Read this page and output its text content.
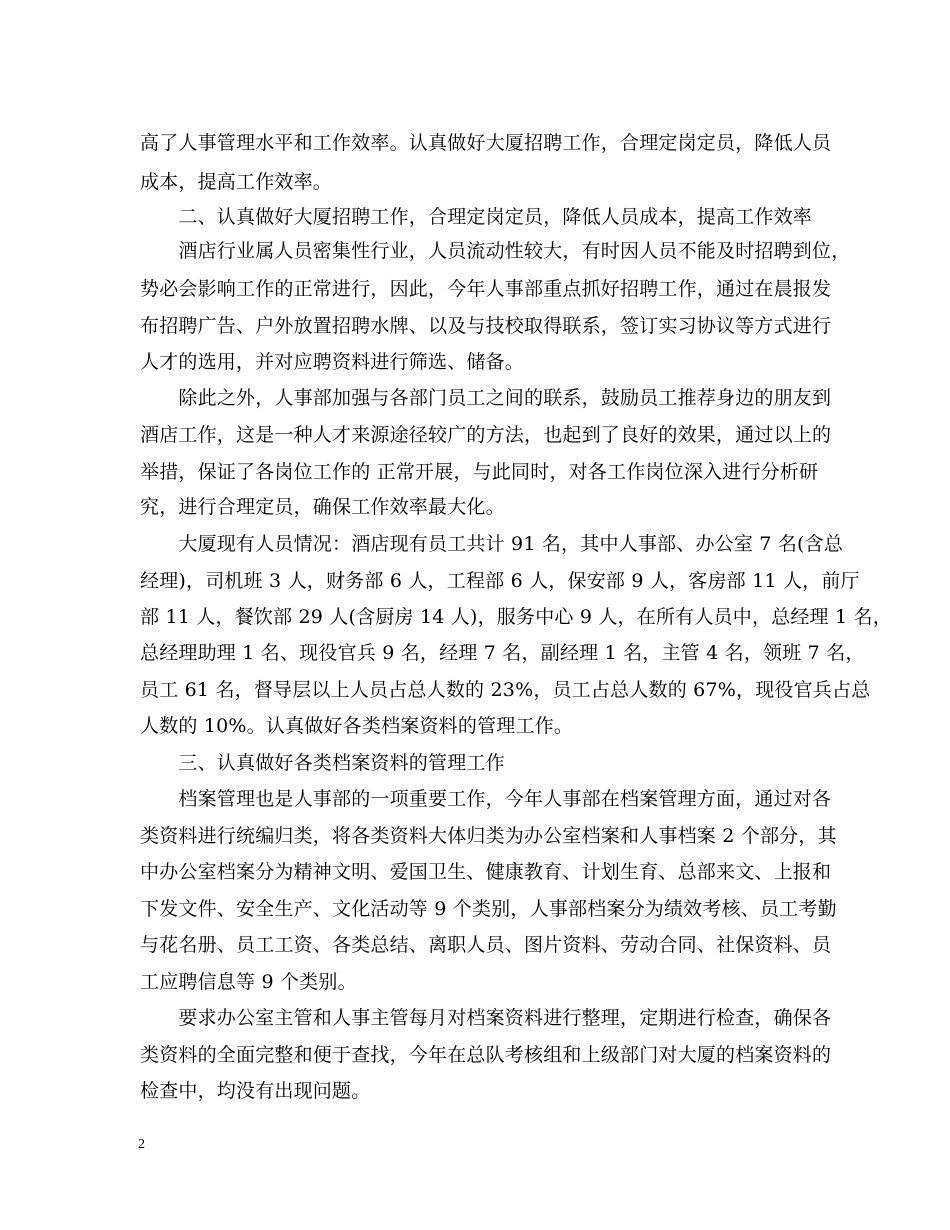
高了人事管理水平和工作效率。认真做好大厦招聘工作，合理定岗定员，降低人员
成本，提高工作效率。
　　二、认真做好大厦招聘工作，合理定岗定员，降低人员成本，提高工作效率
　　酒店行业属人员密集性行业，人员流动性较大，有时因人员不能及时招聘到位，
势必会影响工作的正常进行，因此，今年人事部重点抓好招聘工作，通过在晨报发
布招聘广告、户外放置招聘水牌、以及与技校取得联系，签订实习协议等方式进行
人才的选用，并对应聘资料进行筛选、储备。
　　除此之外，人事部加强与各部门员工之间的联系，鼓励员工推荐身边的朋友到
酒店工作，这是一种人才来源途径较广的方法，也起到了良好的效果，通过以上的
举措，保证了各岗位工作的 正常开展，与此同时，对各工作岗位深入进行分析研
究，进行合理定员，确保工作效率最大化。
　　大厦现有人员情况：酒店现有员工共计 91 名，其中人事部、办公室 7 名(含总
经理)，司机班 3 人，财务部 6 人，工程部 6 人，保安部 9 人，客房部 11 人，前厅
部 11 人，餐饮部 29 人(含厨房 14 人)，服务中心 9 人，在所有人员中，总经理 1 名，
总经理助理 1 名、现役官兵 9 名，经理 7 名，副经理 1 名，主管 4 名，领班 7 名，
员工 61 名，督导层以上人员占总人数的 23%，员工占总人数的 67%，现役官兵占总
人数的 10%。认真做好各类档案资料的管理工作。
　　三、认真做好各类档案资料的管理工作
　　档案管理也是人事部的一项重要工作，今年人事部在档案管理方面，通过对各
类资料进行统编归类，将各类资料大体归类为办公室档案和人事档案 2 个部分，其
中办公室档案分为精神文明、爱国卫生、健康教育、计划生育、总部来文、上报和
下发文件、安全生产、文化活动等 9 个类别，人事部档案分为绩效考核、员工考勤
与花名册、员工工资、各类总结、离职人员、图片资料、劳动合同、社保资料、员
工应聘信息等 9 个类别。
　　要求办公室主管和人事主管每月对档案资料进行整理，定期进行检查，确保各
类资料的全面完整和便于查找，今年在总队考核组和上级部门对大厦的档案资料的
检查中，均没有出现问题。
2
